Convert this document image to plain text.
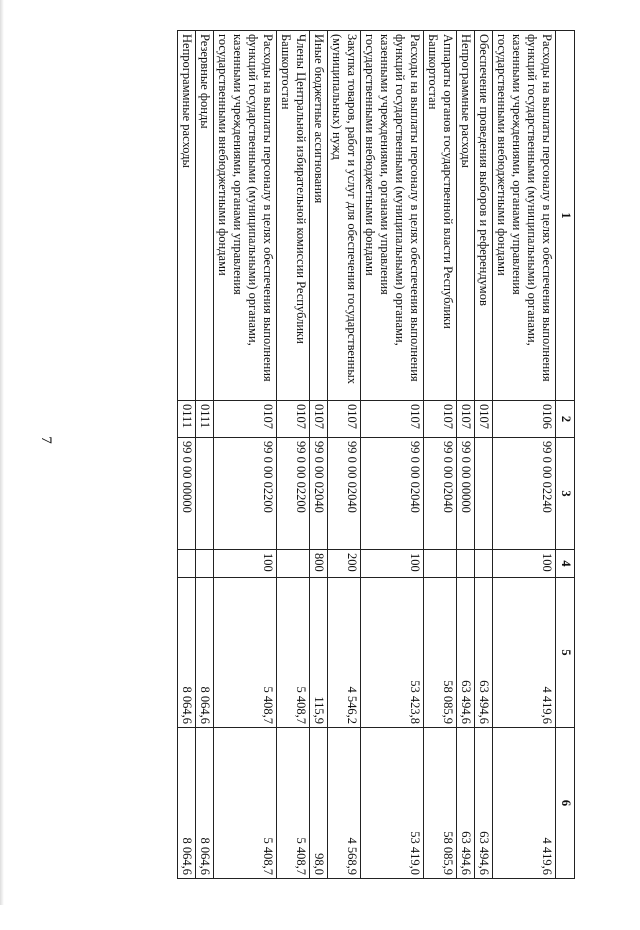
7
1	2	3	4	5	6
Расходы на выплаты персоналу в целях обеспечения выполнения функций государственными (муниципальными) органами, казенными учреждениями, органами управления государственными внебюджетными фондами	0106	99 0 00 02240	100	4 419,6	4 419,6
Обеспечение проведения выборов и референдумов	0107			63 494,6	63 494,6
Непрограммные расходы	0107	99 0 00 00000		63 494,6	63 494,6
Аппараты органов государственной власти Республики Башкортостан	0107	99 0 00 02040		58 085,9	58 085,9
Расходы на выплаты персоналу в целях обеспечения выполнения функций государственными (муниципальными) органами, казенными учреждениями, органами управления государственными внебюджетными фондами	0107	99 0 00 02040	100	53 423,8	53 419,0
Закупка товаров, работ и услуг для обеспечения государственных (муниципальных) нужд	0107	99 0 00 02040	200	4 546,2	4 568,9
Иные бюджетные ассигнования	0107	99 0 00 02040	800	115,9	98,0
Члены Центральной избирательной комиссии Республики Башкортостан	0107	99 0 00 02200		5 408,7	5 408,7
Расходы на выплаты персоналу в целях обеспечения выполнения функций государственными (муниципальными) органами, казенными учреждениями, органами управления государственными внебюджетными фондами	0107	99 0 00 02200	100	5 408,7	5 408,7
Резервные фонды	0111			8 064,6	8 064,6
Непрограммные расходы	0111	99 0 00 00000		8 064,6	8 064,6
